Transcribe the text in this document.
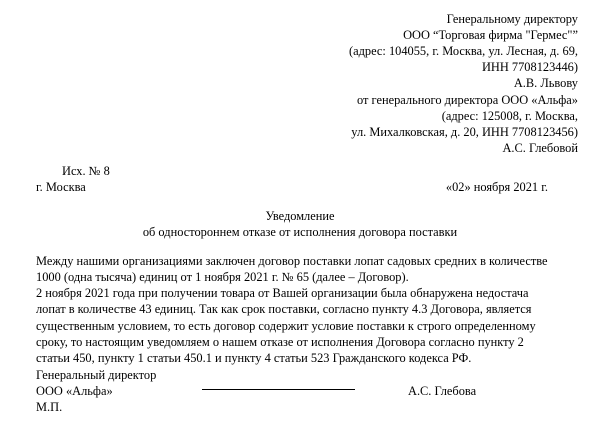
Генеральному директору
ООО “Торговая фирма "Гермес"”
(адрес: 104055, г. Москва, ул. Лесная, д. 69,
ИНН 7708123446)
А.В. Львову
от генерального директора ООО «Альфа»
(адрес: 125008, г. Москва,
ул. Михалковская, д. 20, ИНН 7708123456)
А.С. Глебовой
Исх. № 8
г. Москва	«02» ноября 2021 г.
Уведомление
об одностороннем отказе от исполнения договора поставки
Между нашими организациями заключен договор поставки лопат садовых средних в количестве
1000 (одна тысяча) единиц от 1 ноября 2021 г. № 65 (далее – Договор).
2 ноября 2021 года при получении товара от Вашей организации была обнаружена недостача
лопат в количестве 43 единиц. Так как срок поставки, согласно пункту 4.3 Договора, является
существенным условием, то есть договор содержит условие поставки к строго определенному
сроку, то настоящим уведомляем о нашем отказе от исполнения Договора согласно пункту 2
статьи 450, пункту 1 статьи 450.1 и пункту 4 статьи 523 Гражданского кодекса РФ.
Генеральный директор
ООО «Альфа»	А.С. Глебова
М.П.
